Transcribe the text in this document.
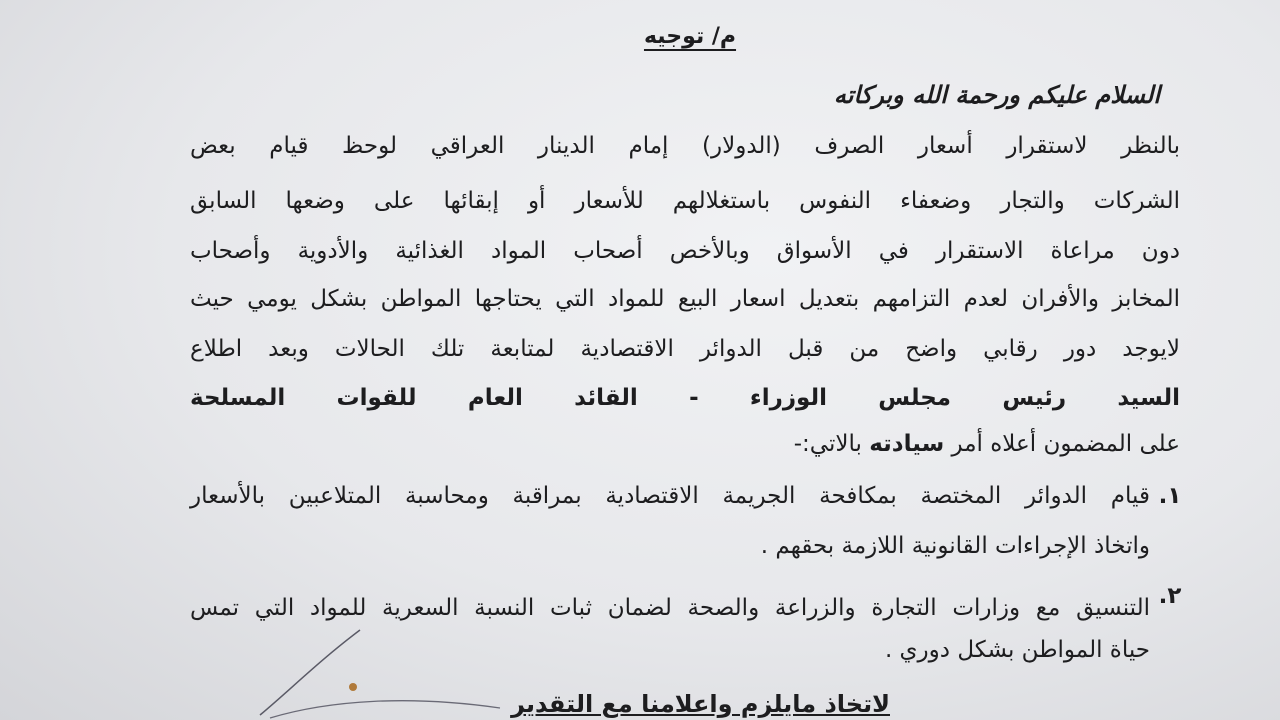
م/ توجيه
السلام عليكم ورحمة الله وبركاته
بالنظر لاستقرار أسعار الصرف (الدولار) إمام الدينار العراقي لوحظ قيام بعض
الشركات والتجار وضعفاء النفوس باستغلالهم للأسعار أو إبقائها على وضعها السابق
دون مراعاة الاستقرار في الأسواق وبالأخص أصحاب المواد الغذائية والأدوية وأصحاب
المخابز والأفران لعدم التزامهم بتعديل اسعار البيع للمواد التي يحتاجها المواطن بشكل يومي حيث
لايوجد دور رقابي واضح من قبل الدوائر الاقتصادية لمتابعة تلك الحالات وبعد اطلاع
السيد رئيس مجلس الوزراء - القائد العام للقوات المسلحة
على المضمون أعلاه أمر سيادته بالاتي:-
١.
قيام الدوائر المختصة بمكافحة الجريمة الاقتصادية بمراقبة ومحاسبة المتلاعبين بالأسعار
واتخاذ الإجراءات القانونية اللازمة بحقهم .
٢.
التنسيق مع وزارات التجارة والزراعة والصحة لضمان ثبات النسبة السعرية للمواد التي تمس
حياة المواطن بشكل دوري .
لاتخاذ مايلزم واعلامنا مع التقدير
